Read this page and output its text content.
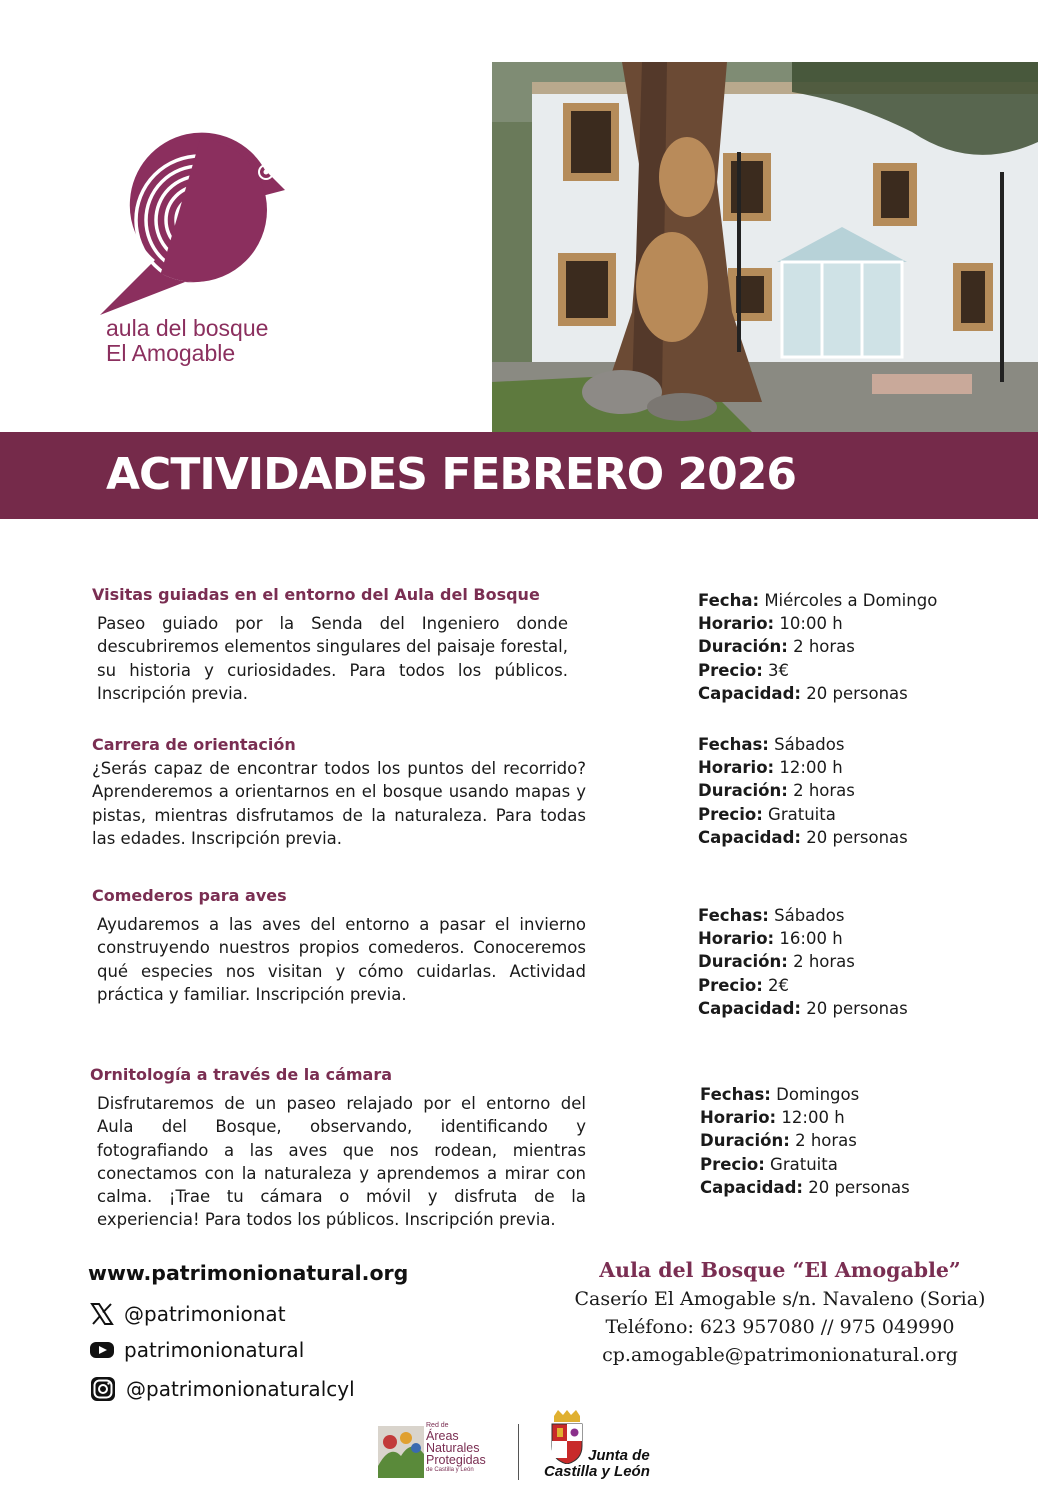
aula del bosque
El Amogable
ACTIVIDADES FEBRERO 2026
Visitas guiadas en el entorno del Aula del Bosque
Paseo guiado por la Senda del Ingeniero donde descubriremos elementos singulares del paisaje forestal, su historia y curiosidades. Para todos los públicos. Inscripción previa.
Fecha: Miércoles a Domingo
Horario: 10:00 h
Duración: 2 horas
Precio: 3€
Capacidad: 20 personas
Carrera de orientación
¿Serás capaz de encontrar todos los puntos del recorrido? Aprenderemos a orientarnos en el bosque usando mapas y pistas, mientras disfrutamos de la naturaleza. Para todas las edades. Inscripción previa.
Fechas: Sábados
Horario: 12:00 h
Duración: 2 horas
Precio: Gratuita
Capacidad: 20 personas
Comederos para aves
Ayudaremos a las aves del entorno a pasar el invierno construyendo nuestros propios comederos. Conoceremos qué especies nos visitan y cómo cuidarlas. Actividad práctica y familiar. Inscripción previa.
Fechas: Sábados
Horario: 16:00 h
Duración: 2 horas
Precio: 2€
Capacidad: 20 personas
Ornitología a través de la cámara
Disfrutaremos de un paseo relajado por el entorno del Aula del Bosque, observando, identificando y fotografiando a las aves que nos rodean, mientras conectamos con la naturaleza y aprendemos a mirar con calma. ¡Trae tu cámara o móvil y disfruta de la experiencia! Para todos los públicos. Inscripción previa.
Fechas: Domingos
Horario: 12:00 h
Duración: 2 horas
Precio: Gratuita
Capacidad: 20 personas
www.patrimonionatural.org
@patrimonionat
patrimonionatural
@patrimonionaturalcyl
Aula del Bosque “El Amogable”
Caserío El Amogable s/n. Navaleno (Soria)
Teléfono: 623 957080 // 975 049990
cp.amogable@patrimonionatural.org
Red de
Áreas
Naturales
Protegidas
de Castilla y León
Junta de
Castilla y León
